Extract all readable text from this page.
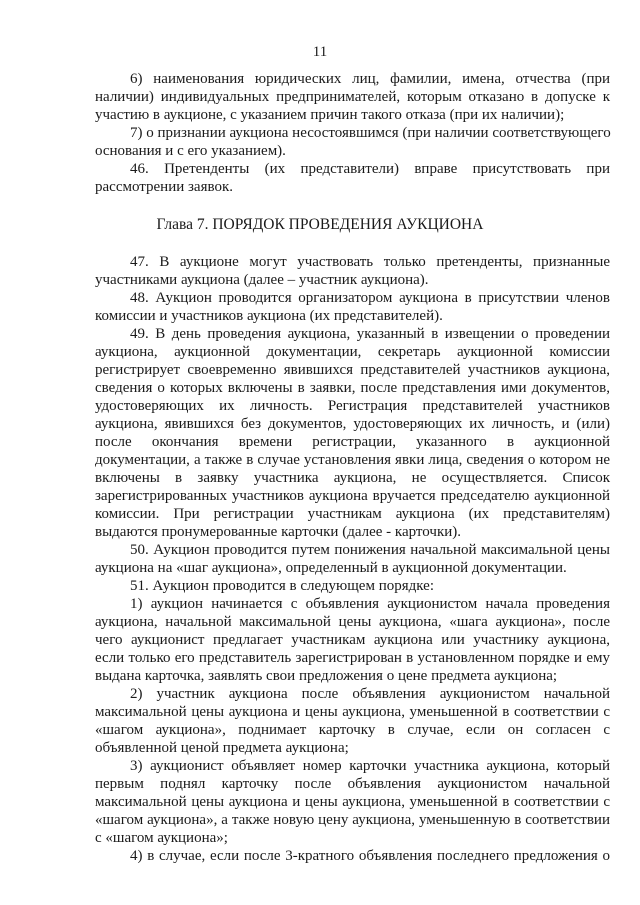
11
6) наименования юридических лиц, фамилии, имена, отчества (при
наличии) индивидуальных предпринимателей, которым отказано в допуске к
участию в аукционе, с указанием причин такого отказа (при их наличии);
7) о признании аукциона несостоявшимся (при наличии соответствующего
основания и с его указанием).
46. Претенденты (их представители) вправе присутствовать при
рассмотрении заявок.
Глава 7. ПОРЯДОК ПРОВЕДЕНИЯ АУКЦИОНА
47. В аукционе могут участвовать только претенденты, признанные
участниками аукциона (далее – участник аукциона).
48. Аукцион проводится организатором аукциона в присутствии членов
комиссии и участников аукциона (их представителей).
49. В день проведения аукциона, указанный в извещении о проведении
аукциона, аукционной документации, секретарь аукционной комиссии
регистрирует своевременно явившихся представителей участников аукциона,
сведения о которых включены в заявки, после представления ими документов,
удостоверяющих их личность. Регистрация представителей участников
аукциона, явившихся без документов, удостоверяющих их личность, и (или)
после окончания времени регистрации, указанного в аукционной
документации, а также в случае установления явки лица, сведения о котором не
включены в заявку участника аукциона, не осуществляется. Список
зарегистрированных участников аукциона вручается председателю аукционной
комиссии. При регистрации участникам аукциона (их представителям)
выдаются пронумерованные карточки (далее - карточки).
50. Аукцион проводится путем понижения начальной максимальной цены
аукциона на «шаг аукциона», определенный в аукционной документации.
51. Аукцион проводится в следующем порядке:
1) аукцион начинается с объявления аукционистом начала проведения
аукциона, начальной максимальной цены аукциона, «шага аукциона», после
чего аукционист предлагает участникам аукциона или участнику аукциона,
если только его представитель зарегистрирован в установленном порядке и ему
выдана карточка, заявлять свои предложения о цене предмета аукциона;
2) участник аукциона после объявления аукционистом начальной
максимальной цены аукциона и цены аукциона, уменьшенной в соответствии с
«шагом аукциона», поднимает карточку в случае, если он согласен с
объявленной ценой предмета аукциона;
3) аукционист объявляет номер карточки участника аукциона, который
первым поднял карточку после объявления аукционистом начальной
максимальной цены аукциона и цены аукциона, уменьшенной в соответствии с
«шагом аукциона», а также новую цену аукциона, уменьшенную в соответствии
с «шагом аукциона»;
4) в случае, если после 3-кратного объявления последнего предложения о
